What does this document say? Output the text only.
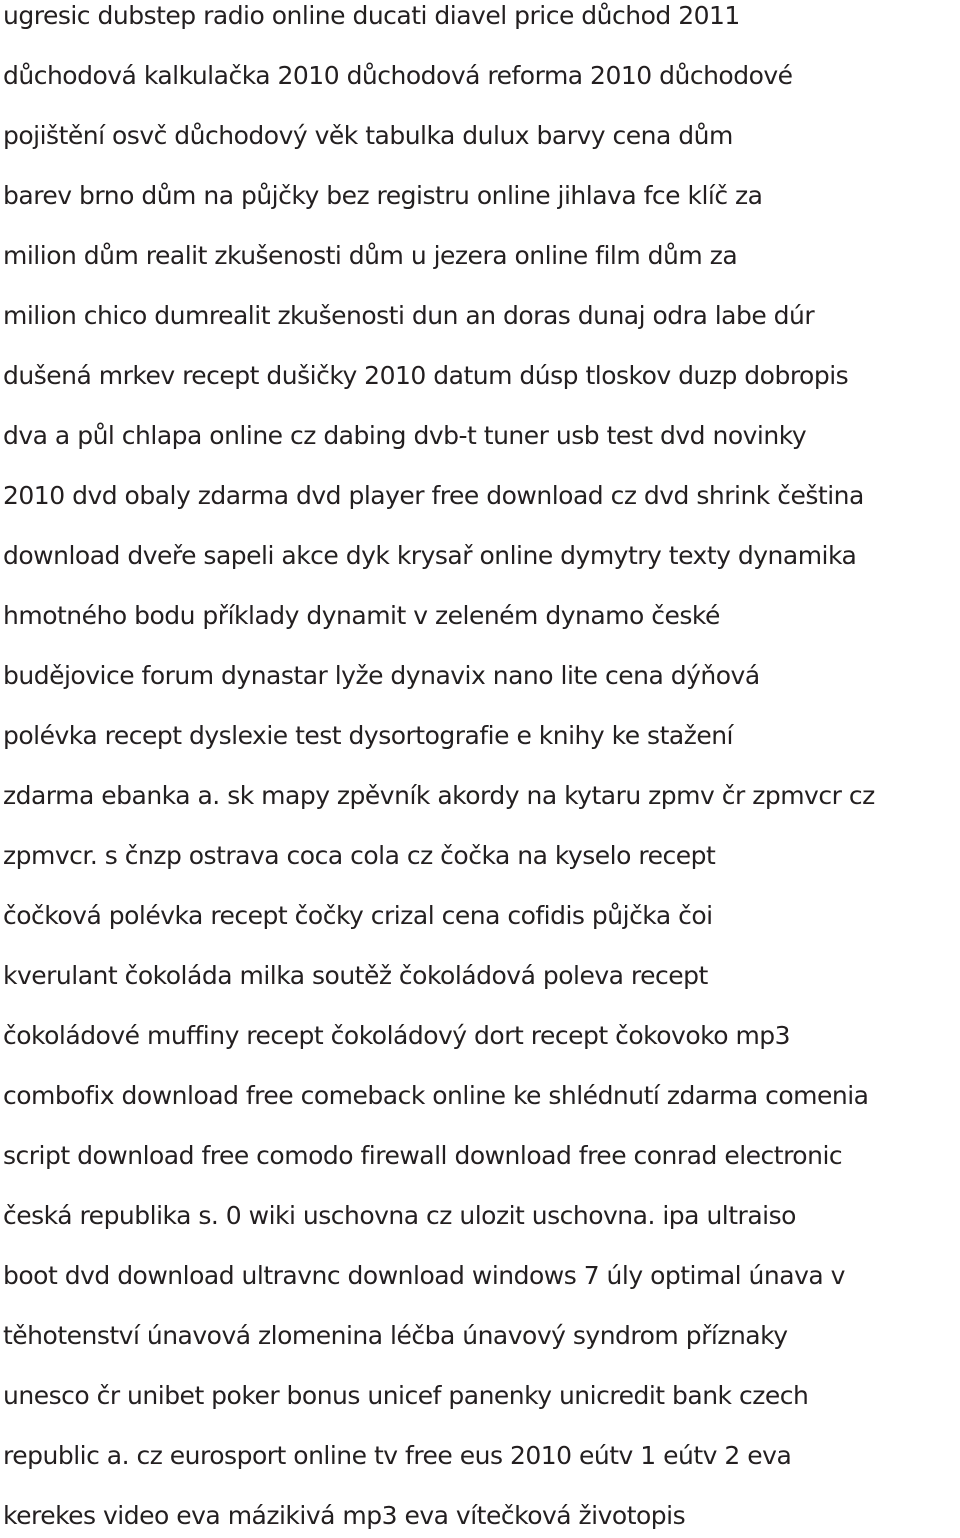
ugresic dubstep radio online ducati diavel price důchod 2011
důchodová kalkulačka 2010 důchodová reforma 2010 důchodové
pojištění osvč důchodový věk tabulka dulux barvy cena dům
barev brno dům na půjčky bez registru online jihlava fce klíč za
milion dům realit zkušenosti dům u jezera online film dům za
milion chico dumrealit zkušenosti dun an doras dunaj odra labe dúr
dušená mrkev recept dušičky 2010 datum dúsp tloskov duzp dobropis
dva a půl chlapa online cz dabing dvb-t tuner usb test dvd novinky
2010 dvd obaly zdarma dvd player free download cz dvd shrink čeština
download dveře sapeli akce dyk krysař online dymytry texty dynamika
hmotného bodu příklady dynamit v zeleném dynamo české
budějovice forum dynastar lyže dynavix nano lite cena dýňová
polévka recept dyslexie test dysortografie e knihy ke stažení
zdarma ebanka a. sk mapy zpěvník akordy na kytaru zpmv čr zpmvcr cz
zpmvcr. s čnzp ostrava coca cola cz čočka na kyselo recept
čočková polévka recept čočky crizal cena cofidis půjčka čoi
kverulant čokoláda milka soutěž čokoládová poleva recept
čokoládové muffiny recept čokoládový dort recept čokovoko mp3
combofix download free comeback online ke shlédnutí zdarma comenia
script download free comodo firewall download free conrad electronic
česká republika s. 0 wiki uschovna cz ulozit uschovna. ipa ultraiso
boot dvd download ultravnc download windows 7 úly optimal únava v
těhotenství únavová zlomenina léčba únavový syndrom příznaky
unesco čr unibet poker bonus unicef panenky unicredit bank czech
republic a. cz eurosport online tv free eus 2010 eútv 1 eútv 2 eva
kerekes video eva mázikivá mp3 eva vítečková životopis
